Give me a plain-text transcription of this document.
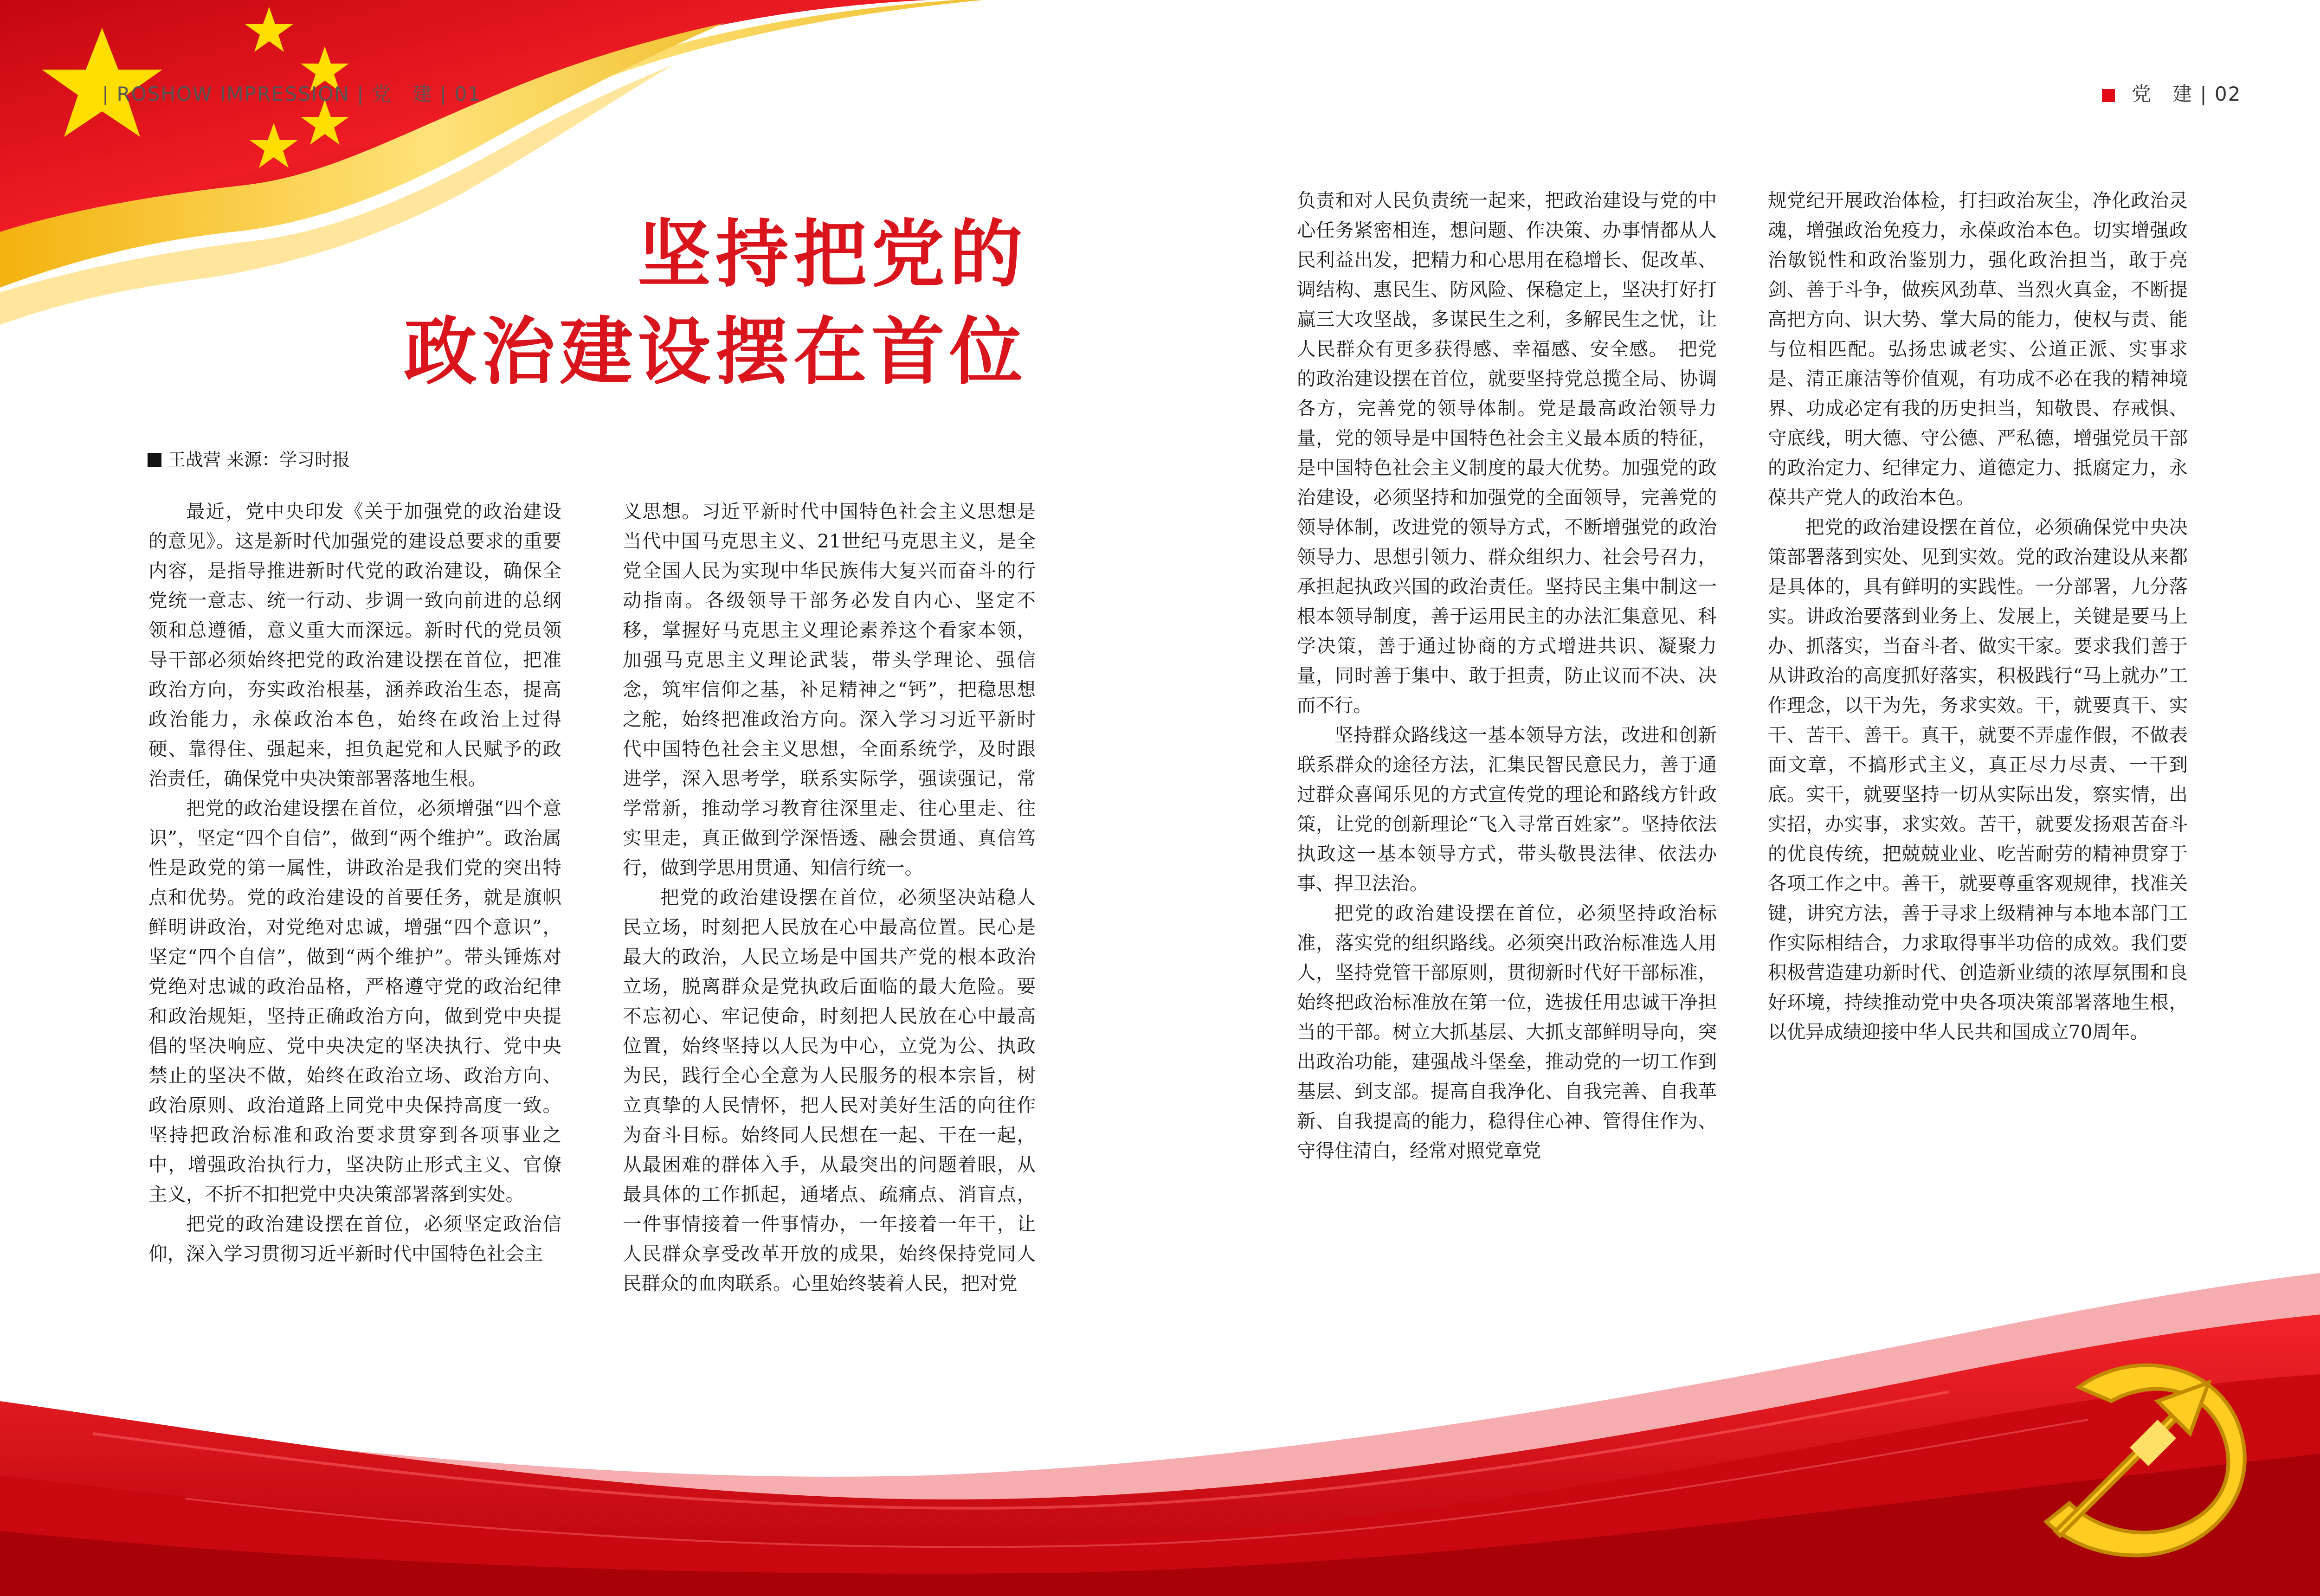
| ROSHOW IMPRESSION | 党　建 | 01	党　建 | 02
坚持把党的
政治建设摆在首位
王战营 来源：学习时报

最近，党中央印发《关于加强党的政治建设的意见》。这是新时代加强党的建设总要求的重要内容，是指导推进新时代党的政治建设，确保全党统一意志、统一行动、步调一致向前进的总纲领和总遵循，意义重大而深远。新时代的党员领导干部必须始终把党的政治建设摆在首位，把准政治方向，夯实政治根基，涵养政治生态，提高政治能力，永葆政治本色，始终在政治上过得硬、靠得住、强起来，担负起党和人民赋予的政治责任，确保党中央决策部署落地生根。

把党的政治建设摆在首位，必须增强“四个意识”，坚定“四个自信”，做到“两个维护”。政治属性是政党的第一属性，讲政治是我们党的突出特点和优势。党的政治建设的首要任务，就是旗帜鲜明讲政治，对党绝对忠诚，增强“四个意识”，坚定“四个自信”，做到“两个维护”。带头锤炼对党绝对忠诚的政治品格，严格遵守党的政治纪律和政治规矩，坚持正确政治方向，做到党中央提倡的坚决响应、党中央决定的坚决执行、党中央禁止的坚决不做，始终在政治立场、政治方向、政治原则、政治道路上同党中央保持高度一致。坚持把政治标准和政治要求贯穿到各项事业之中，增强政治执行力，坚决防止形式主义、官僚主义，不折不扣把党中央决策部署落到实处。

把党的政治建设摆在首位，必须坚定政治信仰，深入学习贯彻习近平新时代中国特色社会主

义思想。习近平新时代中国特色社会主义思想是当代中国马克思主义、21世纪马克思主义，是全党全国人民为实现中华民族伟大复兴而奋斗的行动指南。各级领导干部务必发自内心、坚定不移，掌握好马克思主义理论素养这个看家本领，加强马克思主义理论武装，带头学理论、强信念，筑牢信仰之基，补足精神之“钙”，把稳思想之舵，始终把准政治方向。深入学习习近平新时代中国特色社会主义思想，全面系统学，及时跟进学，深入思考学，联系实际学，强读强记，常学常新，推动学习教育往深里走、往心里走、往实里走，真正做到学深悟透、融会贯通、真信笃行，做到学思用贯通、知信行统一。

把党的政治建设摆在首位，必须坚决站稳人民立场，时刻把人民放在心中最高位置。民心是最大的政治，人民立场是中国共产党的根本政治立场，脱离群众是党执政后面临的最大危险。要不忘初心、牢记使命，时刻把人民放在心中最高位置，始终坚持以人民为中心，立党为公、执政为民，践行全心全意为人民服务的根本宗旨，树立真挚的人民情怀，把人民对美好生活的向往作为奋斗目标。始终同人民想在一起、干在一起，从最困难的群体入手，从最突出的问题着眼，从最具体的工作抓起，通堵点、疏痛点、消盲点，一件事情接着一件事情办，一年接着一年干，让人民群众享受改革开放的成果，始终保持党同人民群众的血肉联系。心里始终装着人民，把对党

负责和对人民负责统一起来，把政治建设与党的中心任务紧密相连，想问题、作决策、办事情都从人民利益出发，把精力和心思用在稳增长、促改革、调结构、惠民生、防风险、保稳定上，坚决打好打赢三大攻坚战，多谋民生之利，多解民生之忧，让人民群众有更多获得感、幸福感、安全感。　把党的政治建设摆在首位，就要坚持党总揽全局、协调各方，完善党的领导体制。党是最高政治领导力量，党的领导是中国特色社会主义最本质的特征，是中国特色社会主义制度的最大优势。加强党的政治建设，必须坚持和加强党的全面领导，完善党的领导体制，改进党的领导方式，不断增强党的政治领导力、思想引领力、群众组织力、社会号召力，承担起执政兴国的政治责任。坚持民主集中制这一根本领导制度，善于运用民主的办法汇集意见、科学决策，善于通过协商的方式增进共识、凝聚力量，同时善于集中、敢于担责，防止议而不决、决而不行。

坚持群众路线这一基本领导方法，改进和创新联系群众的途径方法，汇集民智民意民力，善于通过群众喜闻乐见的方式宣传党的理论和路线方针政策，让党的创新理论“飞入寻常百姓家”。坚持依法执政这一基本领导方式，带头敬畏法律、依法办事、捍卫法治。

把党的政治建设摆在首位，必须坚持政治标准，落实党的组织路线。必须突出政治标准选人用人，坚持党管干部原则，贯彻新时代好干部标准，始终把政治标准放在第一位，选拔任用忠诚干净担当的干部。树立大抓基层、大抓支部鲜明导向，突出政治功能，建强战斗堡垒，推动党的一切工作到基层、到支部。提高自我净化、自我完善、自我革新、自我提高的能力，稳得住心神、管得住作为、守得住清白，经常对照党章党

规党纪开展政治体检，打扫政治灰尘，净化政治灵魂，增强政治免疫力，永葆政治本色。切实增强政治敏锐性和政治鉴别力，强化政治担当，敢于亮剑、善于斗争，做疾风劲草、当烈火真金，不断提高把方向、识大势、掌大局的能力，使权与责、能与位相匹配。弘扬忠诚老实、公道正派、实事求是、清正廉洁等价值观，有功成不必在我的精神境界、功成必定有我的历史担当，知敬畏、存戒惧、守底线，明大德、守公德、严私德，增强党员干部的政治定力、纪律定力、道德定力、抵腐定力，永葆共产党人的政治本色。

把党的政治建设摆在首位，必须确保党中央决策部署落到实处、见到实效。党的政治建设从来都是具体的，具有鲜明的实践性。一分部署，九分落实。讲政治要落到业务上、发展上，关键是要马上办、抓落实，当奋斗者、做实干家。要求我们善于从讲政治的高度抓好落实，积极践行“马上就办”工作理念，以干为先，务求实效。干，就要真干、实干、苦干、善干。真干，就要不弄虚作假，不做表面文章，不搞形式主义，真正尽力尽责、一干到底。实干，就要坚持一切从实际出发，察实情，出实招，办实事，求实效。苦干，就要发扬艰苦奋斗的优良传统，把兢兢业业、吃苦耐劳的精神贯穿于各项工作之中。善干，就要尊重客观规律，找准关键，讲究方法，善于寻求上级精神与本地本部门工作实际相结合，力求取得事半功倍的成效。我们要积极营造建功新时代、创造新业绩的浓厚氛围和良好环境，持续推动党中央各项决策部署落地生根，以优异成绩迎接中华人民共和国成立70周年。
